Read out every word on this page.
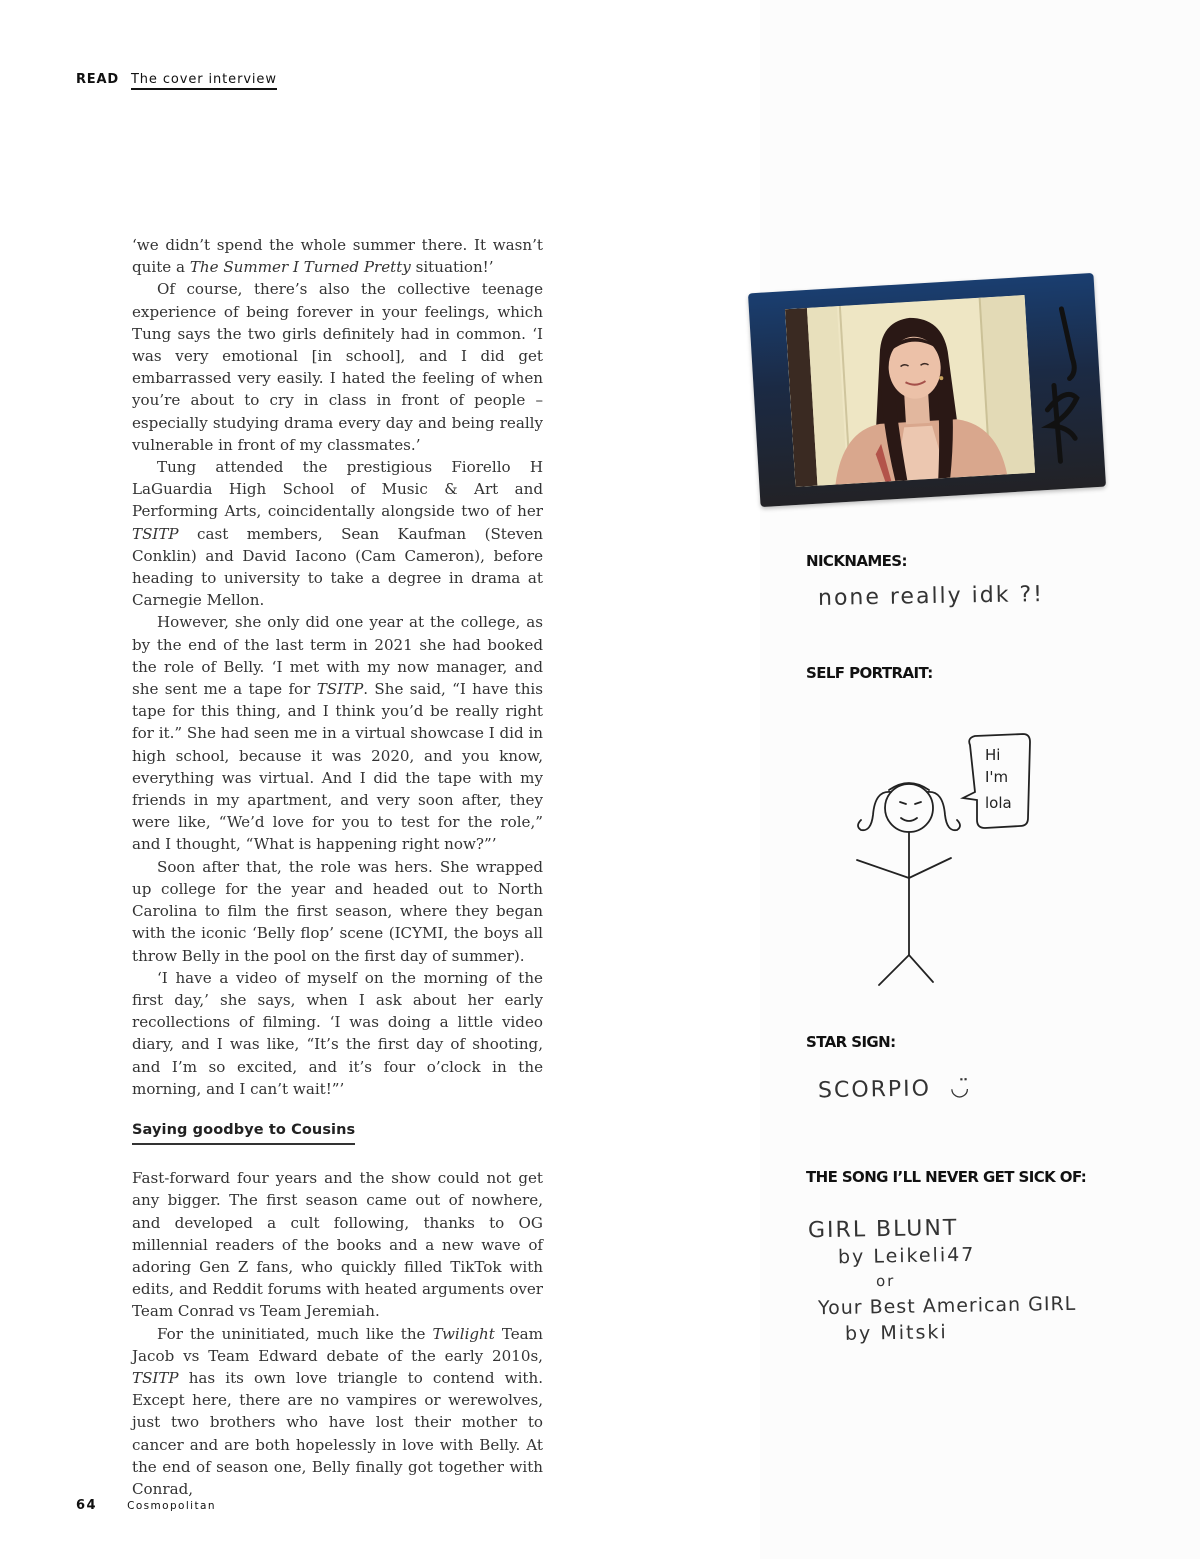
READ The cover interview

‘we didn’t spend the whole summer there. It wasn’t quite a The Summer I Turned Pretty situation!’

Of course, there’s also the collective teenage experience of being forever in your feelings, which Tung says the two girls definitely had in common. ‘I was very emotional [in school], and I did get embarrassed very easily. I hated the feeling of when you’re about to cry in class in front of people – especially studying drama every day and being really vulnerable in front of my classmates.’

Tung attended the prestigious Fiorello H LaGuardia High School of Music & Art and Performing Arts, coincidentally alongside two of her TSITP cast members, Sean Kaufman (Steven Conklin) and David Iacono (Cam Cameron), before heading to university to take a degree in drama at Carnegie Mellon.

However, she only did one year at the college, as by the end of the last term in 2021 she had booked the role of Belly. ‘I met with my now manager, and she sent me a tape for TSITP. She said, “I have this tape for this thing, and I think you’d be really right for it.” She had seen me in a virtual showcase I did in high school, because it was 2020, and you know, everything was virtual. And I did the tape with my friends in my apartment, and very soon after, they were like, “We’d love for you to test for the role,” and I thought, “What is happening right now?”’

Soon after that, the role was hers. She wrapped up college for the year and headed out to North Carolina to film the first season, where they began with the iconic ‘Belly flop’ scene (ICYMI, the boys all throw Belly in the pool on the first day of summer).

‘I have a video of myself on the morning of the first day,’ she says, when I ask about her early recollections of filming. ‘I was doing a little video diary, and I was like, “It’s the first day of shooting, and I’m so excited, and it’s four o’clock in the morning, and I can’t wait!”’

Saying goodbye to Cousins

Fast-forward four years and the show could not get any bigger. The first season came out of nowhere, and developed a cult following, thanks to OG millennial readers of the books and a new wave of adoring Gen Z fans, who quickly filled TikTok with edits, and Reddit forums with heated arguments over Team Conrad vs Team Jeremiah.

For the uninitiated, much like the Twilight Team Jacob vs Team Edward debate of the early 2010s, TSITP has its own love triangle to contend with. Except here, there are no vampires or werewolves, just two brothers who have lost their mother to cancer and are both hopelessly in love with Belly. At the end of season one, Belly finally got together with Conrad,

NICKNAMES:
none really idk ?!
SELF PORTRAIT:
Hi
I'm
lola
STAR SIGN:
SCORPIO ◡̈
THE SONG I’LL NEVER GET SICK OF:
GIRL BLUNT
by Leikeli47
or
Your Best American GIRL
by Mitski
64	Cosmopolitan
